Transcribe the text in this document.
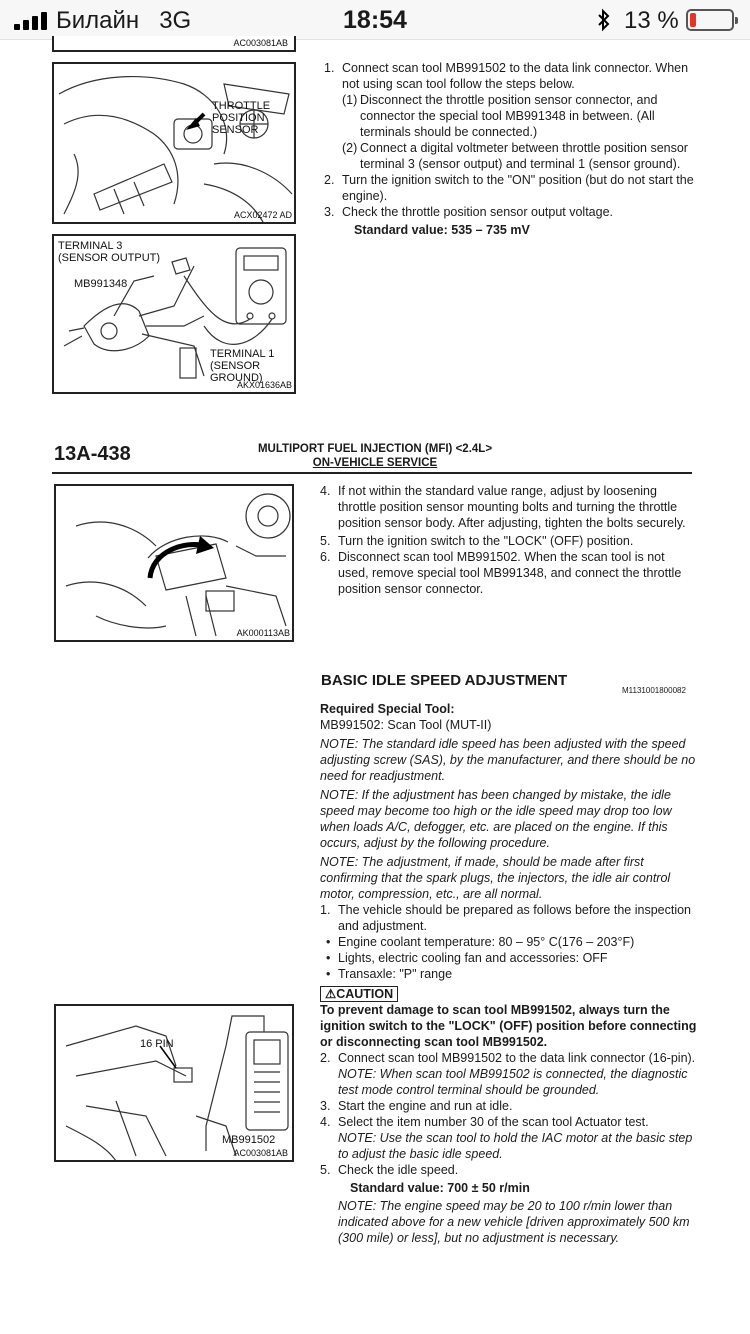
Билайн 3G	18:54	13 %
AC003081AB
THROTTLE
POSITION
SENSOR
ACX02472 AD
TERMINAL 3
(SENSOR OUTPUT)
MB991348
TERMINAL 1
(SENSOR
GROUND)
AKX01636AB
1. Connect scan tool MB991502 to the data link connector. When not using scan tool follow the steps below.
(1) Disconnect the throttle position sensor connector, and connector the special tool MB991348 in between. (All terminals should be connected.)
(2) Connect a digital voltmeter between throttle position sensor terminal 3 (sensor output) and terminal 1 (sensor ground).
2. Turn the ignition switch to the "ON" position (but do not start the engine).
3. Check the throttle position sensor output voltage.
Standard value: 535 – 735 mV
13A-438	MULTIPORT FUEL INJECTION (MFI) <2.4L>
ON-VEHICLE SERVICE
AK000113AB
4. If not within the standard value range, adjust by loosening throttle position sensor mounting bolts and turning the throttle position sensor body. After adjusting, tighten the bolts securely.
5. Turn the ignition switch to the "LOCK" (OFF) position.
6. Disconnect scan tool MB991502. When the scan tool is not used, remove special tool MB991348, and connect the throttle position sensor connector.
BASIC IDLE SPEED ADJUSTMENT
M1131001800082
Required Special Tool:
MB991502: Scan Tool (MUT-II)
NOTE: The standard idle speed has been adjusted with the speed adjusting screw (SAS), by the manufacturer, and there should be no need for readjustment.
NOTE: If the adjustment has been changed by mistake, the idle speed may become too high or the idle speed may drop too low when loads A/C, defogger, etc. are placed on the engine. If this occurs, adjust by the following procedure.
NOTE: The adjustment, if made, should be made after first confirming that the spark plugs, the injectors, the idle air control motor, compression, etc., are all normal.
1. The vehicle should be prepared as follows before the inspection and adjustment.
• Engine coolant temperature: 80 – 95° C(176 – 203°F)
• Lights, electric cooling fan and accessories: OFF
• Transaxle: "P" range
⚠CAUTION
To prevent damage to scan tool MB991502, always turn the ignition switch to the "LOCK" (OFF) position before connecting or disconnecting scan tool MB991502.
2. Connect scan tool MB991502 to the data link connector (16-pin).
NOTE: When scan tool MB991502 is connected, the diagnostic test mode control terminal should be grounded.
3. Start the engine and run at idle.
4. Select the item number 30 of the scan tool Actuator test.
NOTE: Use the scan tool to hold the IAC motor at the basic step to adjust the basic idle speed.
5. Check the idle speed.
Standard value: 700 ± 50 r/min
NOTE: The engine speed may be 20 to 100 r/min lower than indicated above for a new vehicle [driven approximately 500 km (300 mile) or less], but no adjustment is necessary.
16 PIN
MB991502
AC003081AB
